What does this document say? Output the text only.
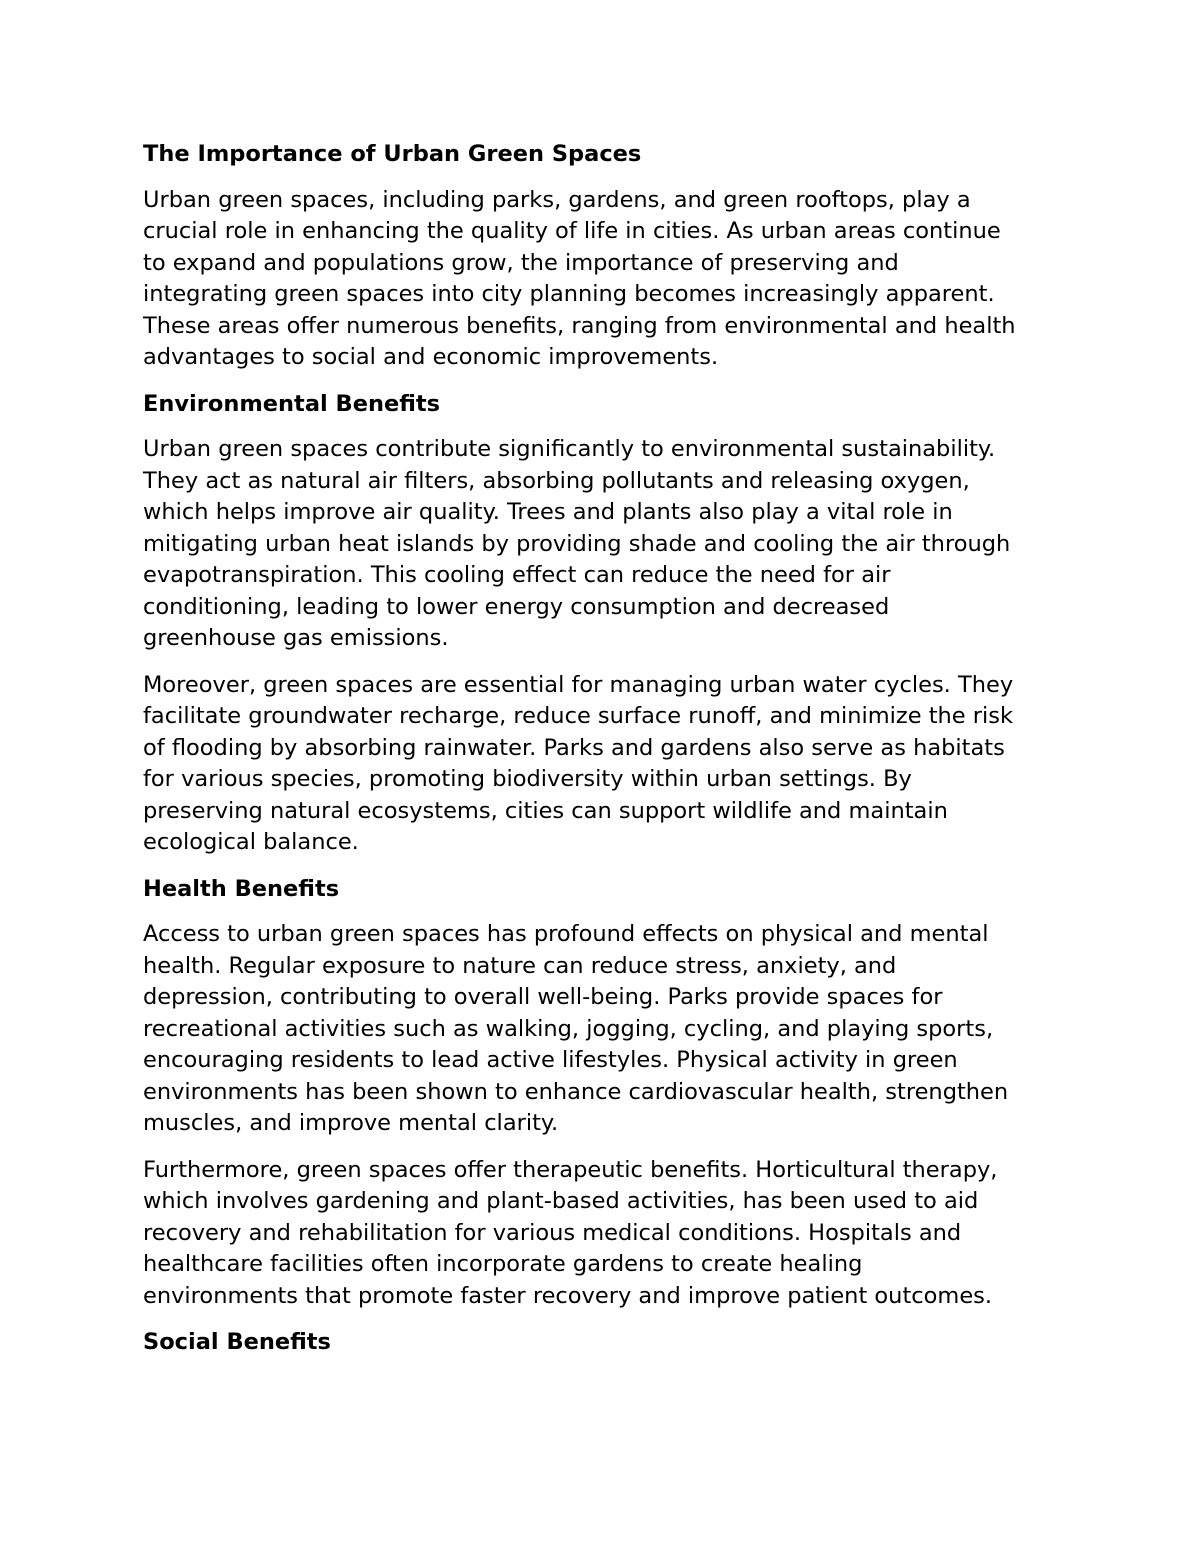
The Importance of Urban Green Spaces
Urban green spaces, including parks, gardens, and green rooftops, play a
crucial role in enhancing the quality of life in cities. As urban areas continue
to expand and populations grow, the importance of preserving and
integrating green spaces into city planning becomes increasingly apparent.
These areas offer numerous benefits, ranging from environmental and health
advantages to social and economic improvements.
Environmental Benefits
Urban green spaces contribute significantly to environmental sustainability.
They act as natural air filters, absorbing pollutants and releasing oxygen,
which helps improve air quality. Trees and plants also play a vital role in
mitigating urban heat islands by providing shade and cooling the air through
evapotranspiration. This cooling effect can reduce the need for air
conditioning, leading to lower energy consumption and decreased
greenhouse gas emissions.
Moreover, green spaces are essential for managing urban water cycles. They
facilitate groundwater recharge, reduce surface runoff, and minimize the risk
of flooding by absorbing rainwater. Parks and gardens also serve as habitats
for various species, promoting biodiversity within urban settings. By
preserving natural ecosystems, cities can support wildlife and maintain
ecological balance.
Health Benefits
Access to urban green spaces has profound effects on physical and mental
health. Regular exposure to nature can reduce stress, anxiety, and
depression, contributing to overall well-being. Parks provide spaces for
recreational activities such as walking, jogging, cycling, and playing sports,
encouraging residents to lead active lifestyles. Physical activity in green
environments has been shown to enhance cardiovascular health, strengthen
muscles, and improve mental clarity.
Furthermore, green spaces offer therapeutic benefits. Horticultural therapy,
which involves gardening and plant-based activities, has been used to aid
recovery and rehabilitation for various medical conditions. Hospitals and
healthcare facilities often incorporate gardens to create healing
environments that promote faster recovery and improve patient outcomes.
Social Benefits
